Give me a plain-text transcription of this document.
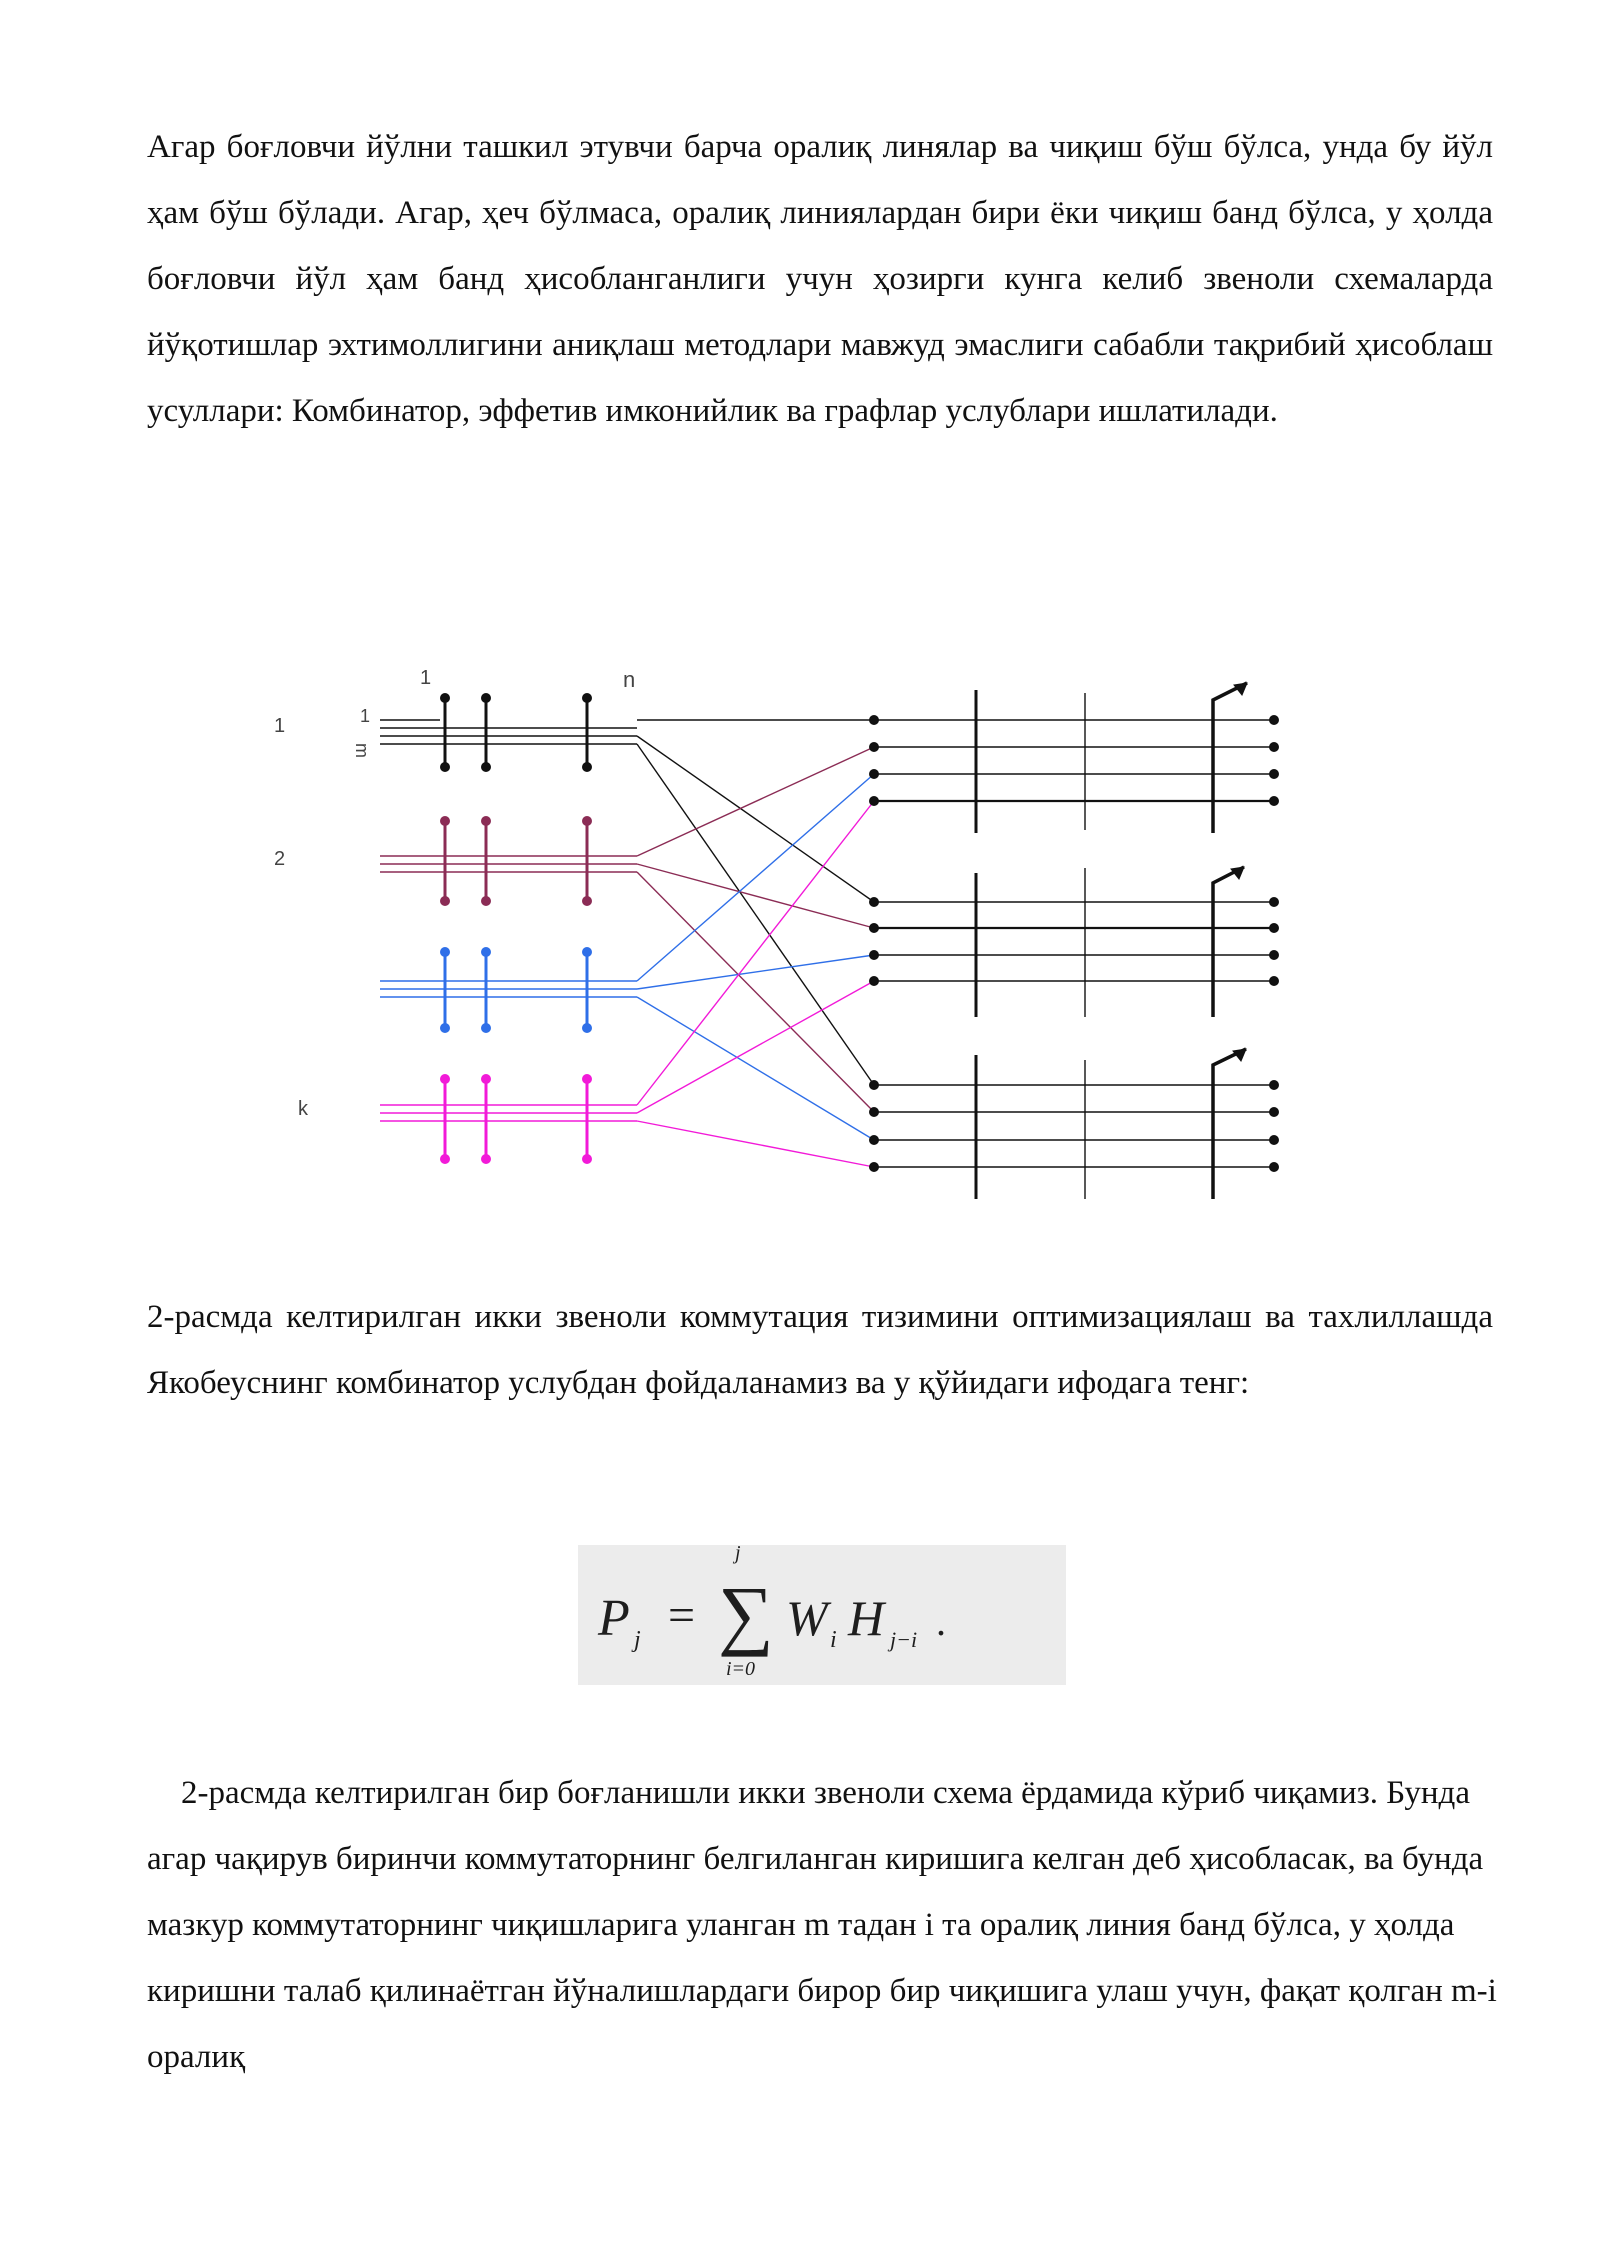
Агар боғловчи йўлни ташкил этувчи барча оралиқ линялар ва чиқиш бўш бўлса, унда бу йўл ҳам бўш бўлади. Агар, ҳеч бўлмаса, оралиқ линиялардан бири ёки чиқиш банд бўлса, у ҳолда боғловчи йўл ҳам банд ҳисобланганлиги учун ҳозирги кунга келиб звеноли схемаларда йўқотишлар эхтимоллигини аниқлаш методлари мавжуд эмаслиги сабабли тақрибий ҳисоблаш усуллари: Комбинатор, эффетив имконийлик ва графлар услублари ишлатилади.

1
2
k
1	n
1
m

2-расмда келтирилган икки звеноли коммутация тизимини оптимизациялаш ва тахлиллашда Якобеуснинг комбинатор услубдан фойдаланамиз ва у қўйидаги ифодага тенг:

P j =
j
∑
i=0
W i H j−i .

2-расмда келтирилган бир боғланишли икки звеноли схема ёрдамида кўриб чиқамиз. Бунда агар чақирув биринчи коммутаторнинг белгиланган киришига келган деб ҳисобласак, ва бунда мазкур коммутаторнинг чиқишларига уланган m тадан i та оралиқ линия банд бўлса, у ҳолда киришни талаб қилинаётган йўналишлардаги бирор бир чиқишига улаш учун, фақат қолган m-i оралиқ
